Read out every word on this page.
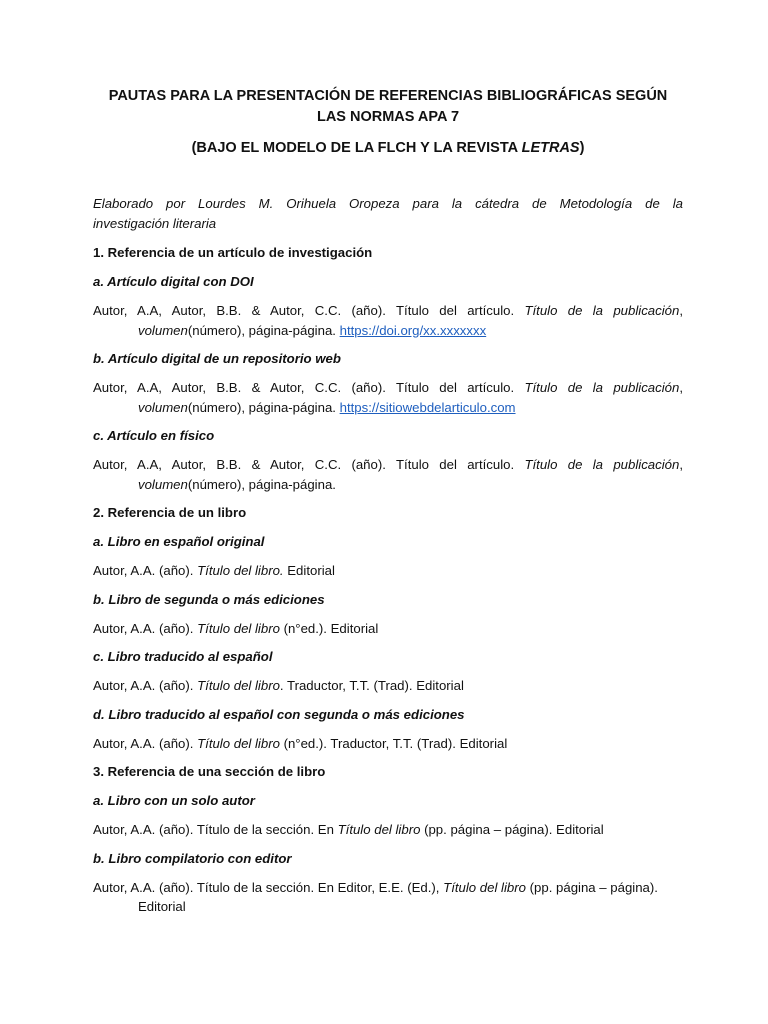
PAUTAS PARA LA PRESENTACIÓN DE REFERENCIAS BIBLIOGRÁFICAS SEGÚN
LAS NORMAS APA 7
(BAJO EL MODELO DE LA FLCH Y LA REVISTA LETRAS)
Elaborado por Lourdes M. Orihuela Oropeza para la cátedra de Metodología de la
investigación literaria
1. Referencia de un artículo de investigación
a. Artículo digital con DOI
Autor, A.A, Autor, B.B. & Autor, C.C. (año). Título del artículo. Título de la publicación,
volumen(número), página-página. https://doi.org/xx.xxxxxxx
b. Artículo digital de un repositorio web
Autor, A.A, Autor, B.B. & Autor, C.C. (año). Título del artículo. Título de la publicación,
volumen(número), página-página. https://sitiowebdelarticulo.com
c. Artículo en físico
Autor, A.A, Autor, B.B. & Autor, C.C. (año). Título del artículo. Título de la publicación,
volumen(número), página-página.
2. Referencia de un libro
a. Libro en español original
Autor, A.A. (año). Título del libro. Editorial
b. Libro de segunda o más ediciones
Autor, A.A. (año). Título del libro (n°ed.). Editorial
c. Libro traducido al español
Autor, A.A. (año). Título del libro. Traductor, T.T. (Trad). Editorial
d. Libro traducido al español con segunda o más ediciones
Autor, A.A. (año). Título del libro (n°ed.). Traductor, T.T. (Trad). Editorial
3. Referencia de una sección de libro
a. Libro con un solo autor
Autor, A.A. (año). Título de la sección. En Título del libro (pp. página – página). Editorial
b. Libro compilatorio con editor
Autor, A.A. (año). Título de la sección. En Editor, E.E. (Ed.), Título del libro (pp. página – página).
Editorial
